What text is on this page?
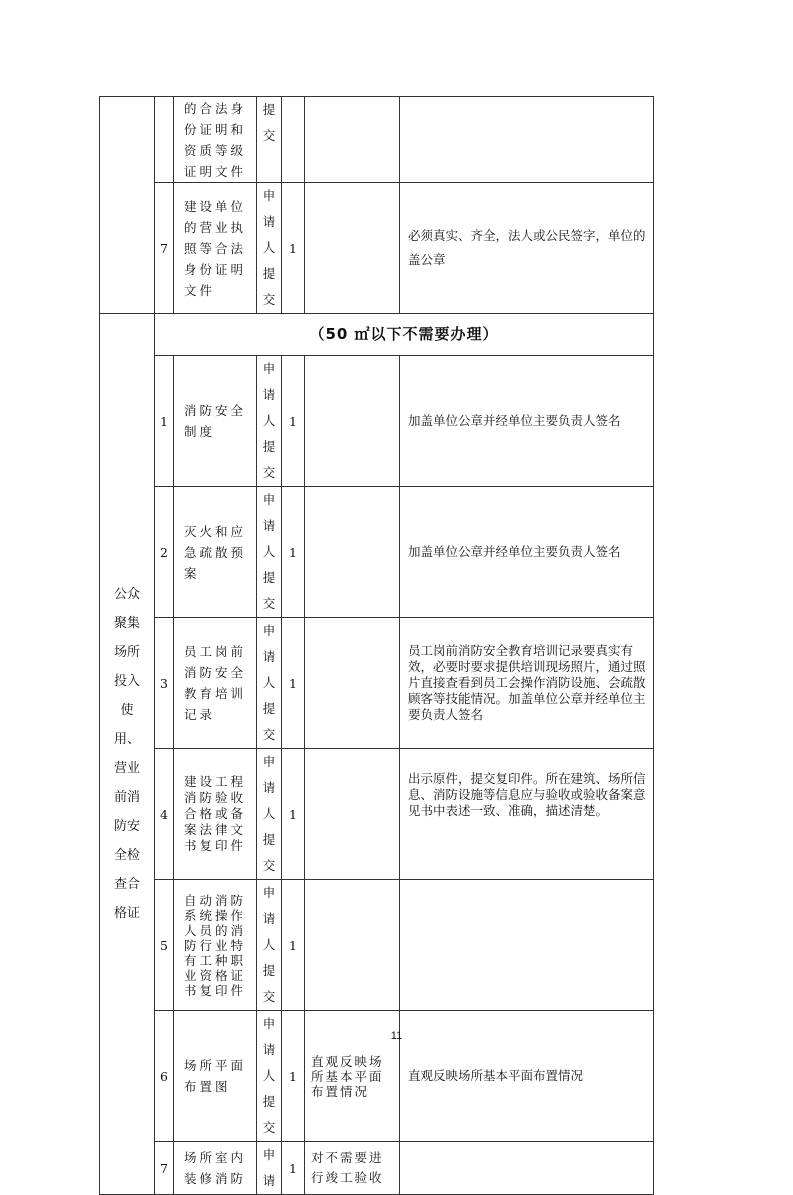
		的合法身份证明和资质等级证明文件	提交			
	7	建设单位的营业执照等合法身份证明文件	申请人提交	1		必须真实、齐全，法人或公民签字，单位的盖公章
公众聚集场所投入使用、营业前消防安全检查合格证	（50 ㎡以下不需要办理）					
	1	消防安全制度	申请人提交	1		加盖单位公章并经单位主要负责人签名
	2	灭火和应急疏散预案	申请人提交	1		加盖单位公章并经单位主要负责人签名
	3	员工岗前消防安全教育培训记录	申请人提交	1		员工岗前消防安全教育培训记录要真实有效，必要时要求提供培训现场照片，通过照片直接查看到员工会操作消防设施、会疏散顾客等技能情况。加盖单位公章并经单位主要负责人签名
	4	建设工程消防验收合格或备案法律文书复印件	申请人提交	1		出示原件，提交复印件。所在建筑、场所信息、消防设施等信息应与验收或验收备案意见书中表述一致、准确，描述清楚。
	5	自动消防系统操作人员的消防行业特有工种职业资格证书复印件	申请人提交	1		
	6	场所平面布置图	申请人提交	1	直观反映场所基本平面布置情况	直观反映场所基本平面布置情况
	7	场所室内装修消防	申请	1	对不需要进行竣工验收	
11
